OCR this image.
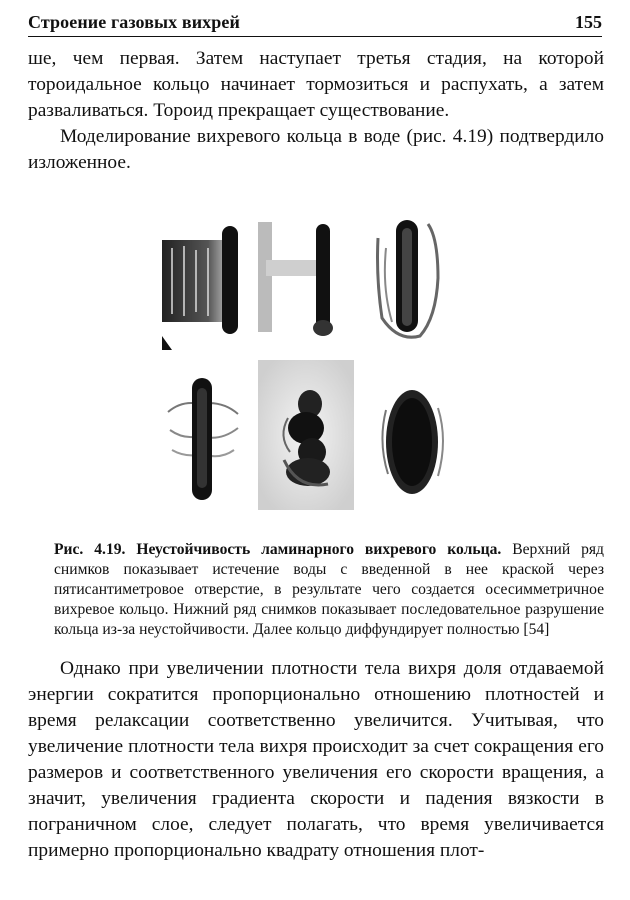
Строение газовых вихрей	155

ше, чем первая. Затем наступает третья стадия, на которой тороидальное кольцо начинает тормозиться и распухать, а затем разваливаться. Тороид прекращает существование.

Моделирование вихревого кольца в воде (рис. 4.19) подтвердило изложенное.

Рис. 4.19. Неустойчивость ламинарного вихревого кольца. Верхний ряд снимков показывает истечение воды с введенной в нее краской через пятисантиметровое отверстие, в результате чего создается осесимметричное вихревое кольцо. Нижний ряд снимков показывает последовательное разрушение кольца из-за неустойчивости. Далее кольцо диффундирует полностью [54]

Однако при увеличении плотности тела вихря доля отдаваемой энергии сократится пропорционально отношению плотностей и время релаксации соответственно увеличится. Учитывая, что увеличение плотности тела вихря происходит за счет сокращения его размеров и соответственного увеличения его скорости вращения, а значит, увеличения градиента скорости и падения вязкости в пограничном слое, следует полагать, что время увеличивается примерно пропорционально квадрату отношения плот-
